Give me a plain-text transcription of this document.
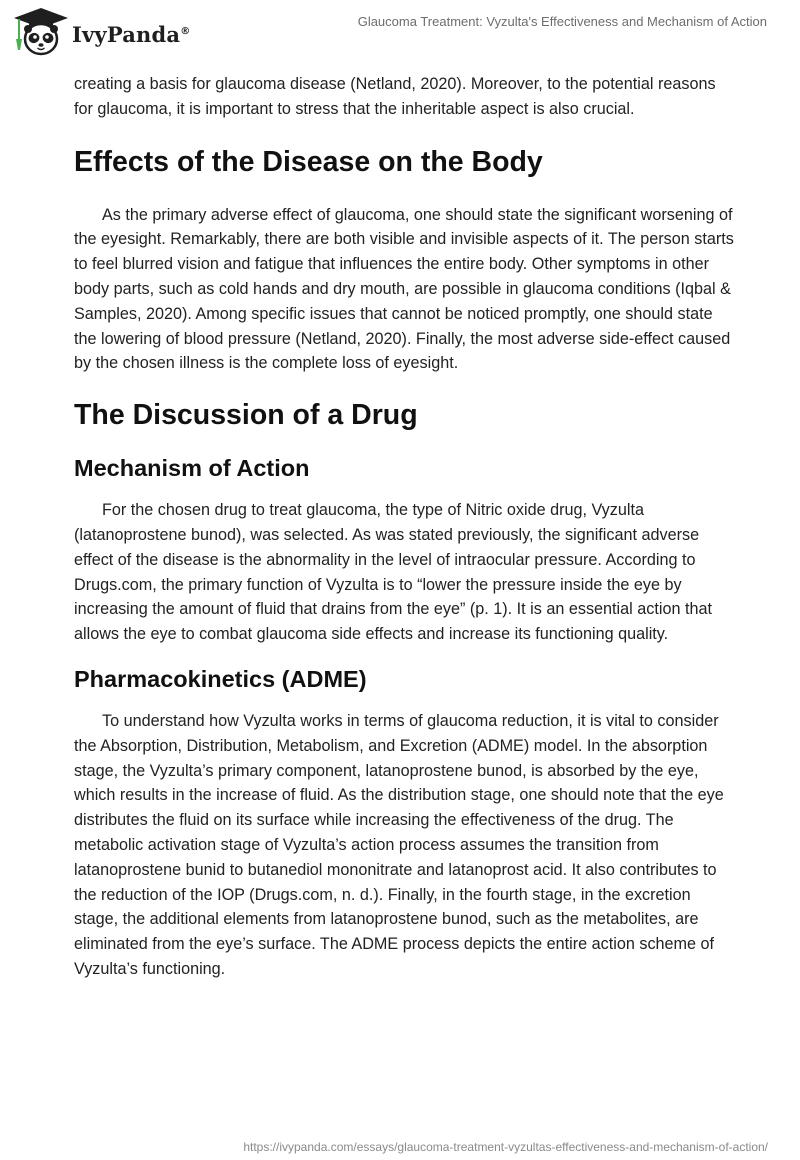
IvyPanda®
Glaucoma Treatment: Vyzulta's Effectiveness and Mechanism of Action

creating a basis for glaucoma disease (Netland, 2020). Moreover, to the potential reasons for glaucoma, it is important to stress that the inheritable aspect is also crucial.

Effects of the Disease on the Body

As the primary adverse effect of glaucoma, one should state the significant worsening of the eyesight. Remarkably, there are both visible and invisible aspects of it. The person starts to feel blurred vision and fatigue that influences the entire body. Other symptoms in other body parts, such as cold hands and dry mouth, are possible in glaucoma conditions (Iqbal & Samples, 2020). Among specific issues that cannot be noticed promptly, one should state the lowering of blood pressure (Netland, 2020). Finally, the most adverse side-effect caused by the chosen illness is the complete loss of eyesight.

The Discussion of a Drug
Mechanism of Action

For the chosen drug to treat glaucoma, the type of Nitric oxide drug, Vyzulta (latanoprostene bunod), was selected. As was stated previously, the significant adverse effect of the disease is the abnormality in the level of intraocular pressure. According to Drugs.com, the primary function of Vyzulta is to “lower the pressure inside the eye by increasing the amount of fluid that drains from the eye” (p. 1). It is an essential action that allows the eye to combat glaucoma side effects and increase its functioning quality.

Pharmacokinetics (ADME)

To understand how Vyzulta works in terms of glaucoma reduction, it is vital to consider the Absorption, Distribution, Metabolism, and Excretion (ADME) model. In the absorption stage, the Vyzulta’s primary component, latanoprostene bunod, is absorbed by the eye, which results in the increase of fluid. As the distribution stage, one should note that the eye distributes the fluid on its surface while increasing the effectiveness of the drug. The metabolic activation stage of Vyzulta’s action process assumes the transition from latanoprostene bunid to butanediol mononitrate and latanoprost acid. It also contributes to the reduction of the IOP (Drugs.com, n. d.). Finally, in the fourth stage, in the excretion stage, the additional elements from latanoprostene bunod, such as the metabolites, are eliminated from the eye’s surface. The ADME process depicts the entire action scheme of Vyzulta’s functioning.

https://ivypanda.com/essays/glaucoma-treatment-vyzultas-effectiveness-and-mechanism-of-action/
